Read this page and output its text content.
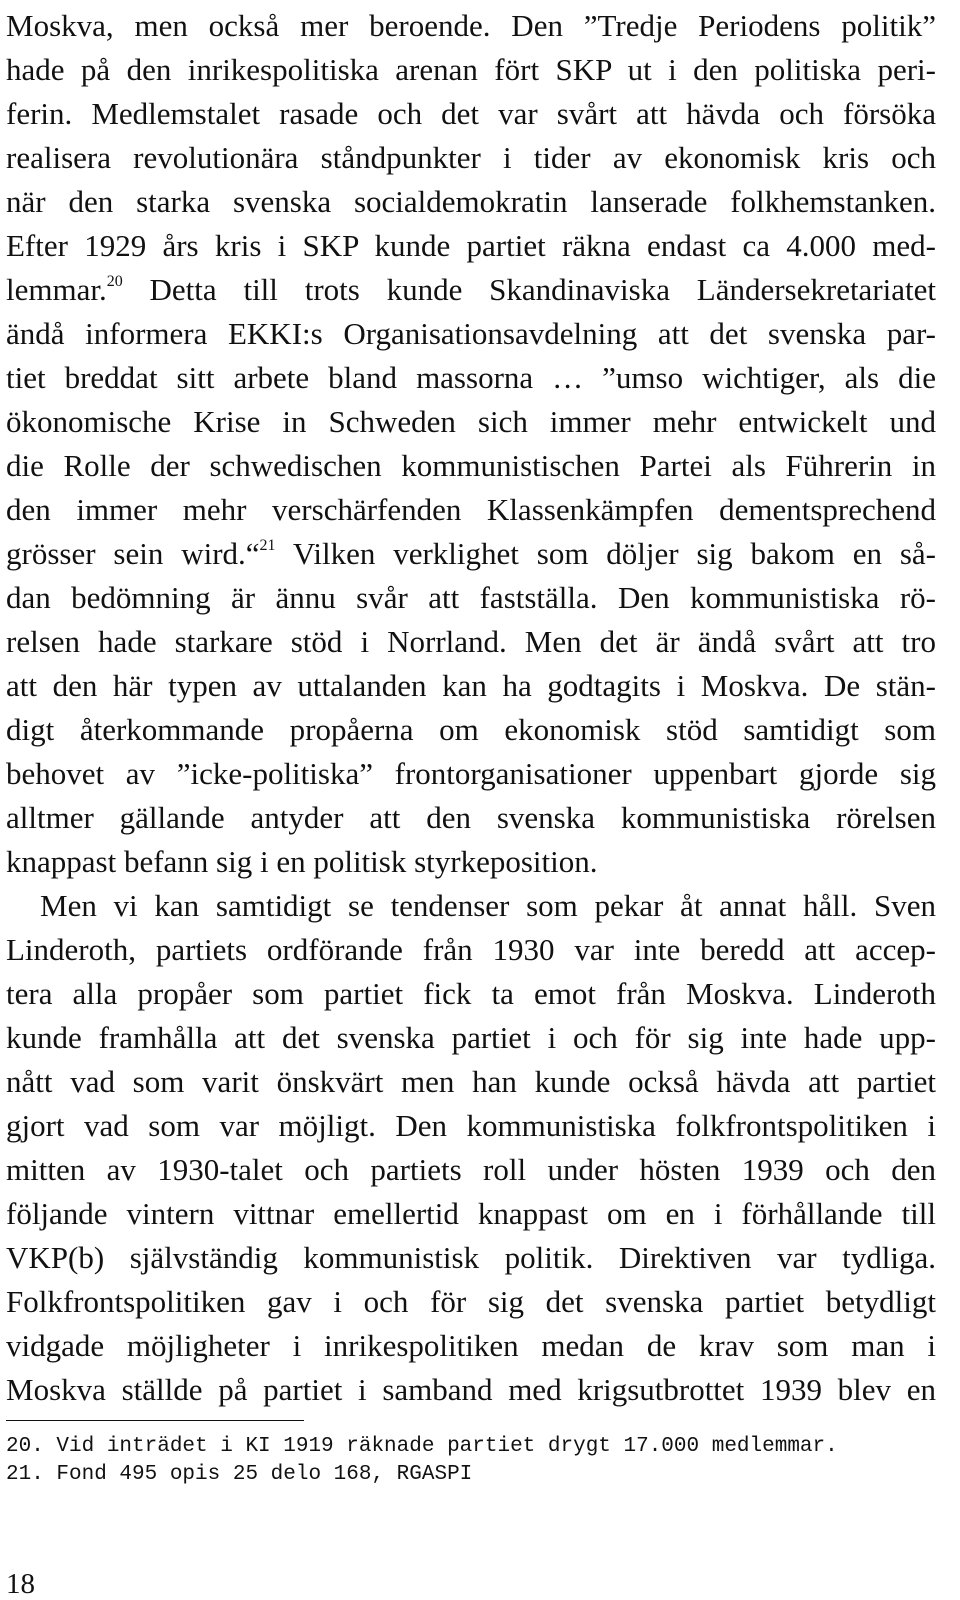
Moskva, men också mer beroende. Den ”Tredje Periodens politik”
hade på den inrikespolitiska arenan fört SKP ut i den politiska peri-
ferin. Medlemstalet rasade och det var svårt att hävda och försöka
realisera revolutionära ståndpunkter i tider av ekonomisk kris och
när den starka svenska socialdemokratin lanserade folkhemstanken.
Efter 1929 års kris i SKP kunde partiet räkna endast ca 4.000 med-
lemmar.$^{20}$ Detta till trots kunde Skandinaviska Ländersekretariatet
ändå informera EKKI:s Organisationsavdelning att det svenska par-
tiet breddat sitt arbete bland massorna … ”umso wichtiger, als die
ökonomische Krise in Schweden sich immer mehr entwickelt und
die Rolle der schwedischen kommunistischen Partei als Führerin in
den immer mehr verschärfenden Klassenkämpfen dementsprechend
grösser sein wird.“$^{21}$ Vilken verklighet som döljer sig bakom en så-
dan bedömning är ännu svår att fastställa. Den kommunistiska rö-
relsen hade starkare stöd i Norrland. Men det är ändå svårt att tro
att den här typen av uttalanden kan ha godtagits i Moskva. De stän-
digt återkommande propåerna om ekonomisk stöd samtidigt som
behovet av ”icke-politiska” frontorganisationer uppenbart gjorde sig
alltmer gällande antyder att den svenska kommunistiska rörelsen
knappast befann sig i en politisk styrkeposition.
Men vi kan samtidigt se tendenser som pekar åt annat håll. Sven
Linderoth, partiets ordförande från 1930 var inte beredd att accep-
tera alla propåer som partiet fick ta emot från Moskva. Linderoth
kunde framhålla att det svenska partiet i och för sig inte hade upp-
nått vad som varit önskvärt men han kunde också hävda att partiet
gjort vad som var möjligt. Den kommunistiska folkfrontspolitiken i
mitten av 1930-talet och partiets roll under hösten 1939 och den
följande vintern vittnar emellertid knappast om en i förhållande till
VKP(b) självständig kommunistisk politik. Direktiven var tydliga.
Folkfrontspolitiken gav i och för sig det svenska partiet betydligt
vidgade möjligheter i inrikespolitiken medan de krav som man i
Moskva ställde på partiet i samband med krigsutbrottet 1939 blev en
20. Vid inträdet i KI 1919 räknade partiet drygt 17.000 medlemmar.
21. Fond 495 opis 25 delo 168, RGASPI
18
